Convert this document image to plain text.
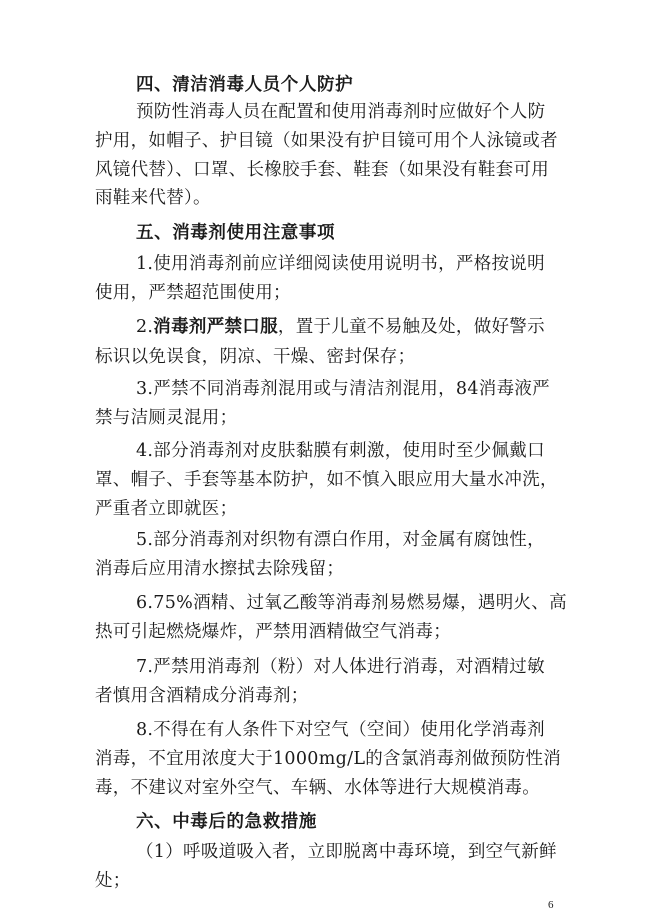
四、清洁消毒人员个人防护
预防性消毒人员在配置和使用消毒剂时应做好个人防
护用，如帽子、护目镜（如果没有护目镜可用个人泳镜或者
风镜代替）、口罩、长橡胶手套、鞋套（如果没有鞋套可用
雨鞋来代替）。
五、消毒剂使用注意事项
1.使用消毒剂前应详细阅读使用说明书，严格按说明
使用，严禁超范围使用；
2.消毒剂严禁口服，置于儿童不易触及处，做好警示
标识以免误食，阴凉、干燥、密封保存；
3.严禁不同消毒剂混用或与清洁剂混用，84消毒液严
禁与洁厕灵混用；
4.部分消毒剂对皮肤黏膜有刺激，使用时至少佩戴口
罩、帽子、手套等基本防护，如不慎入眼应用大量水冲洗，
严重者立即就医；
5.部分消毒剂对织物有漂白作用，对金属有腐蚀性，
消毒后应用清水擦拭去除残留；
6.75%酒精、过氧乙酸等消毒剂易燃易爆，遇明火、高
热可引起燃烧爆炸，严禁用酒精做空气消毒；
7.严禁用消毒剂（粉）对人体进行消毒，对酒精过敏
者慎用含酒精成分消毒剂；
8.不得在有人条件下对空气（空间）使用化学消毒剂
消毒，不宜用浓度大于1000mg/L的含氯消毒剂做预防性消
毒，不建议对室外空气、车辆、水体等进行大规模消毒。
六、中毒后的急救措施
（1）呼吸道吸入者，立即脱离中毒环境，到空气新鲜
处；
6
